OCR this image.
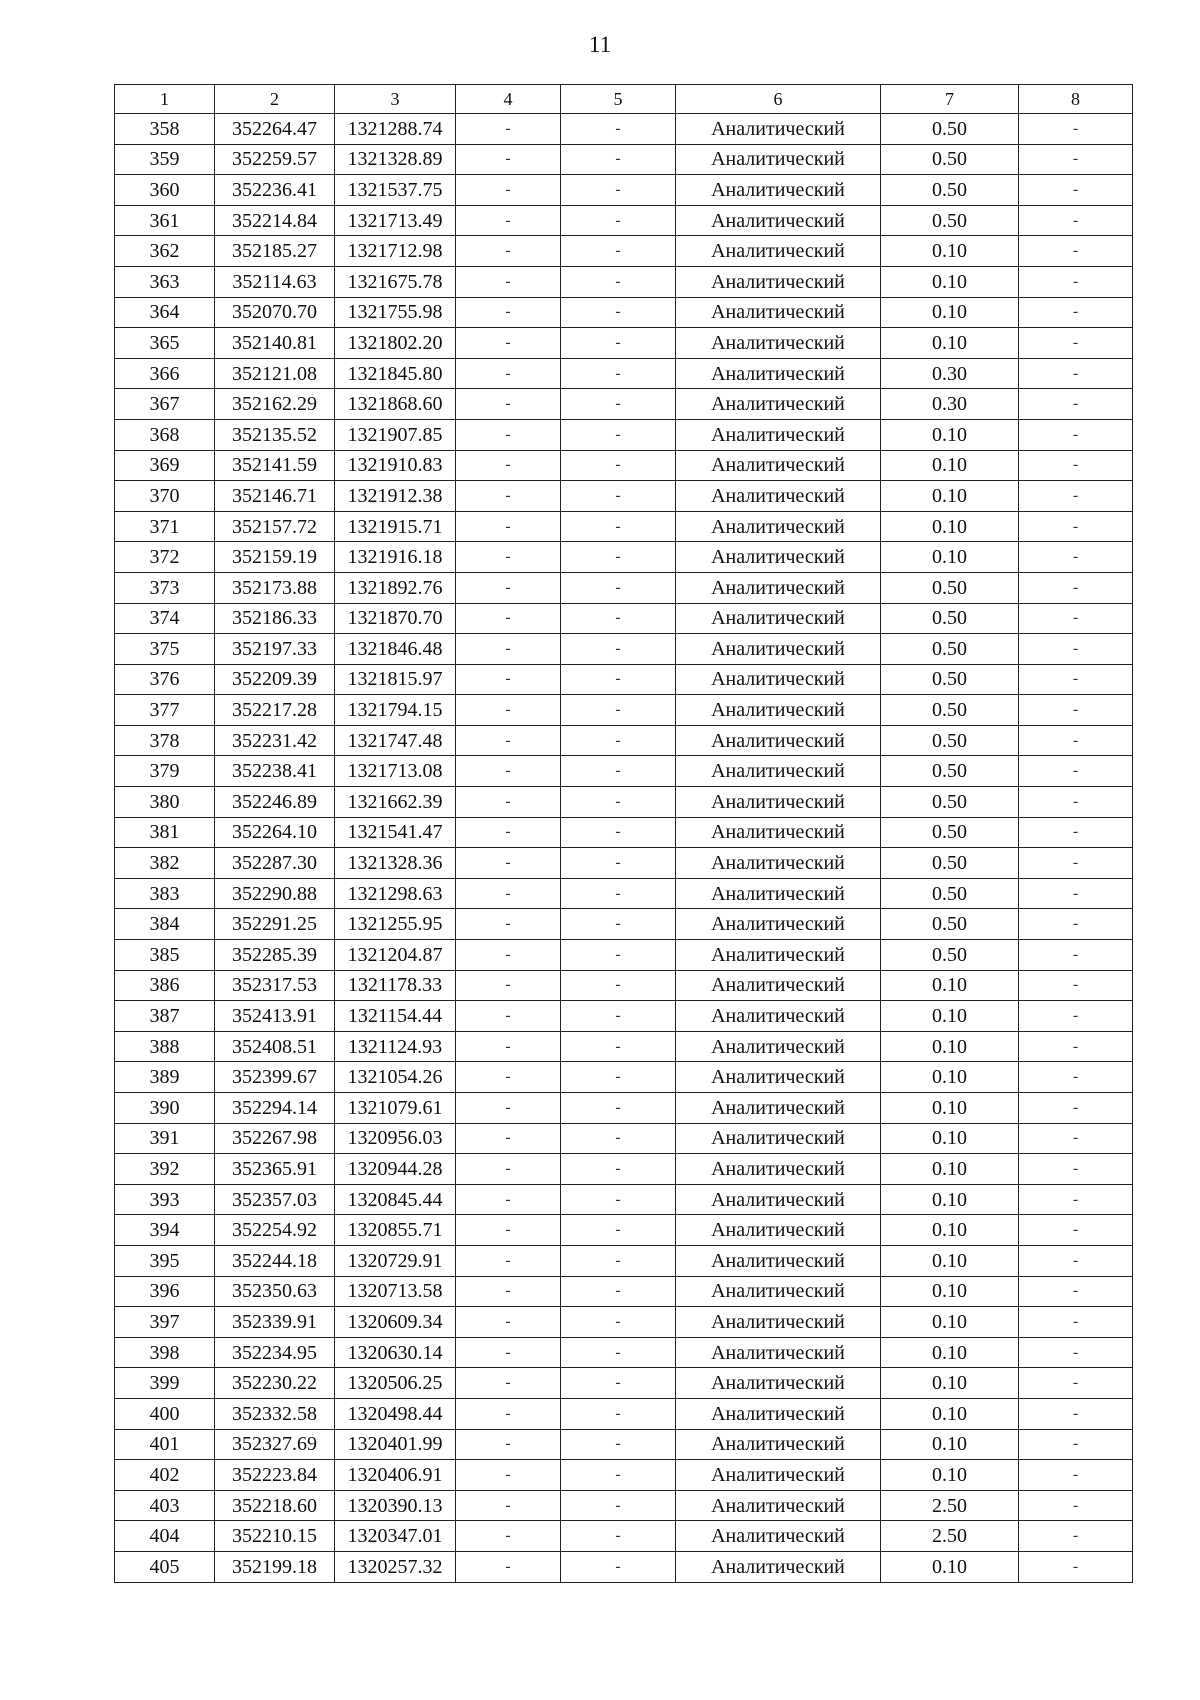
11
1	2	3	4	5	6	7	8
358	352264.47	1321288.74	-	-	Аналитический	0.50	-
359	352259.57	1321328.89	-	-	Аналитический	0.50	-
360	352236.41	1321537.75	-	-	Аналитический	0.50	-
361	352214.84	1321713.49	-	-	Аналитический	0.50	-
362	352185.27	1321712.98	-	-	Аналитический	0.10	-
363	352114.63	1321675.78	-	-	Аналитический	0.10	-
364	352070.70	1321755.98	-	-	Аналитический	0.10	-
365	352140.81	1321802.20	-	-	Аналитический	0.10	-
366	352121.08	1321845.80	-	-	Аналитический	0.30	-
367	352162.29	1321868.60	-	-	Аналитический	0.30	-
368	352135.52	1321907.85	-	-	Аналитический	0.10	-
369	352141.59	1321910.83	-	-	Аналитический	0.10	-
370	352146.71	1321912.38	-	-	Аналитический	0.10	-
371	352157.72	1321915.71	-	-	Аналитический	0.10	-
372	352159.19	1321916.18	-	-	Аналитический	0.10	-
373	352173.88	1321892.76	-	-	Аналитический	0.50	-
374	352186.33	1321870.70	-	-	Аналитический	0.50	-
375	352197.33	1321846.48	-	-	Аналитический	0.50	-
376	352209.39	1321815.97	-	-	Аналитический	0.50	-
377	352217.28	1321794.15	-	-	Аналитический	0.50	-
378	352231.42	1321747.48	-	-	Аналитический	0.50	-
379	352238.41	1321713.08	-	-	Аналитический	0.50	-
380	352246.89	1321662.39	-	-	Аналитический	0.50	-
381	352264.10	1321541.47	-	-	Аналитический	0.50	-
382	352287.30	1321328.36	-	-	Аналитический	0.50	-
383	352290.88	1321298.63	-	-	Аналитический	0.50	-
384	352291.25	1321255.95	-	-	Аналитический	0.50	-
385	352285.39	1321204.87	-	-	Аналитический	0.50	-
386	352317.53	1321178.33	-	-	Аналитический	0.10	-
387	352413.91	1321154.44	-	-	Аналитический	0.10	-
388	352408.51	1321124.93	-	-	Аналитический	0.10	-
389	352399.67	1321054.26	-	-	Аналитический	0.10	-
390	352294.14	1321079.61	-	-	Аналитический	0.10	-
391	352267.98	1320956.03	-	-	Аналитический	0.10	-
392	352365.91	1320944.28	-	-	Аналитический	0.10	-
393	352357.03	1320845.44	-	-	Аналитический	0.10	-
394	352254.92	1320855.71	-	-	Аналитический	0.10	-
395	352244.18	1320729.91	-	-	Аналитический	0.10	-
396	352350.63	1320713.58	-	-	Аналитический	0.10	-
397	352339.91	1320609.34	-	-	Аналитический	0.10	-
398	352234.95	1320630.14	-	-	Аналитический	0.10	-
399	352230.22	1320506.25	-	-	Аналитический	0.10	-
400	352332.58	1320498.44	-	-	Аналитический	0.10	-
401	352327.69	1320401.99	-	-	Аналитический	0.10	-
402	352223.84	1320406.91	-	-	Аналитический	0.10	-
403	352218.60	1320390.13	-	-	Аналитический	2.50	-
404	352210.15	1320347.01	-	-	Аналитический	2.50	-
405	352199.18	1320257.32	-	-	Аналитический	0.10	-
